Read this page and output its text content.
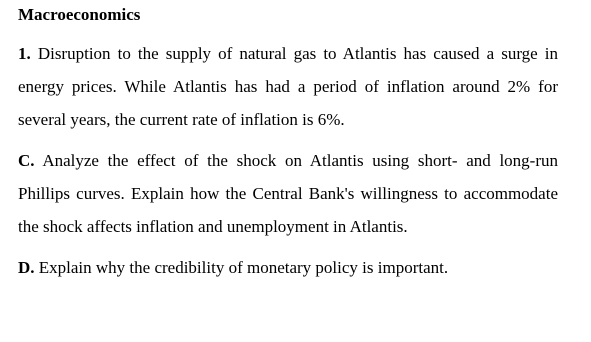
Macroeconomics

1. Disruption to the supply of natural gas to Atlantis has caused a surge in energy prices. While Atlantis has had a period of inflation around 2% for several years, the current rate of inflation is 6%.

C. Analyze the effect of the shock on Atlantis using short- and long-run Phillips curves. Explain how the Central Bank's willingness to accommodate the shock affects inflation and unemployment in Atlantis.

D. Explain why the credibility of monetary policy is important.
